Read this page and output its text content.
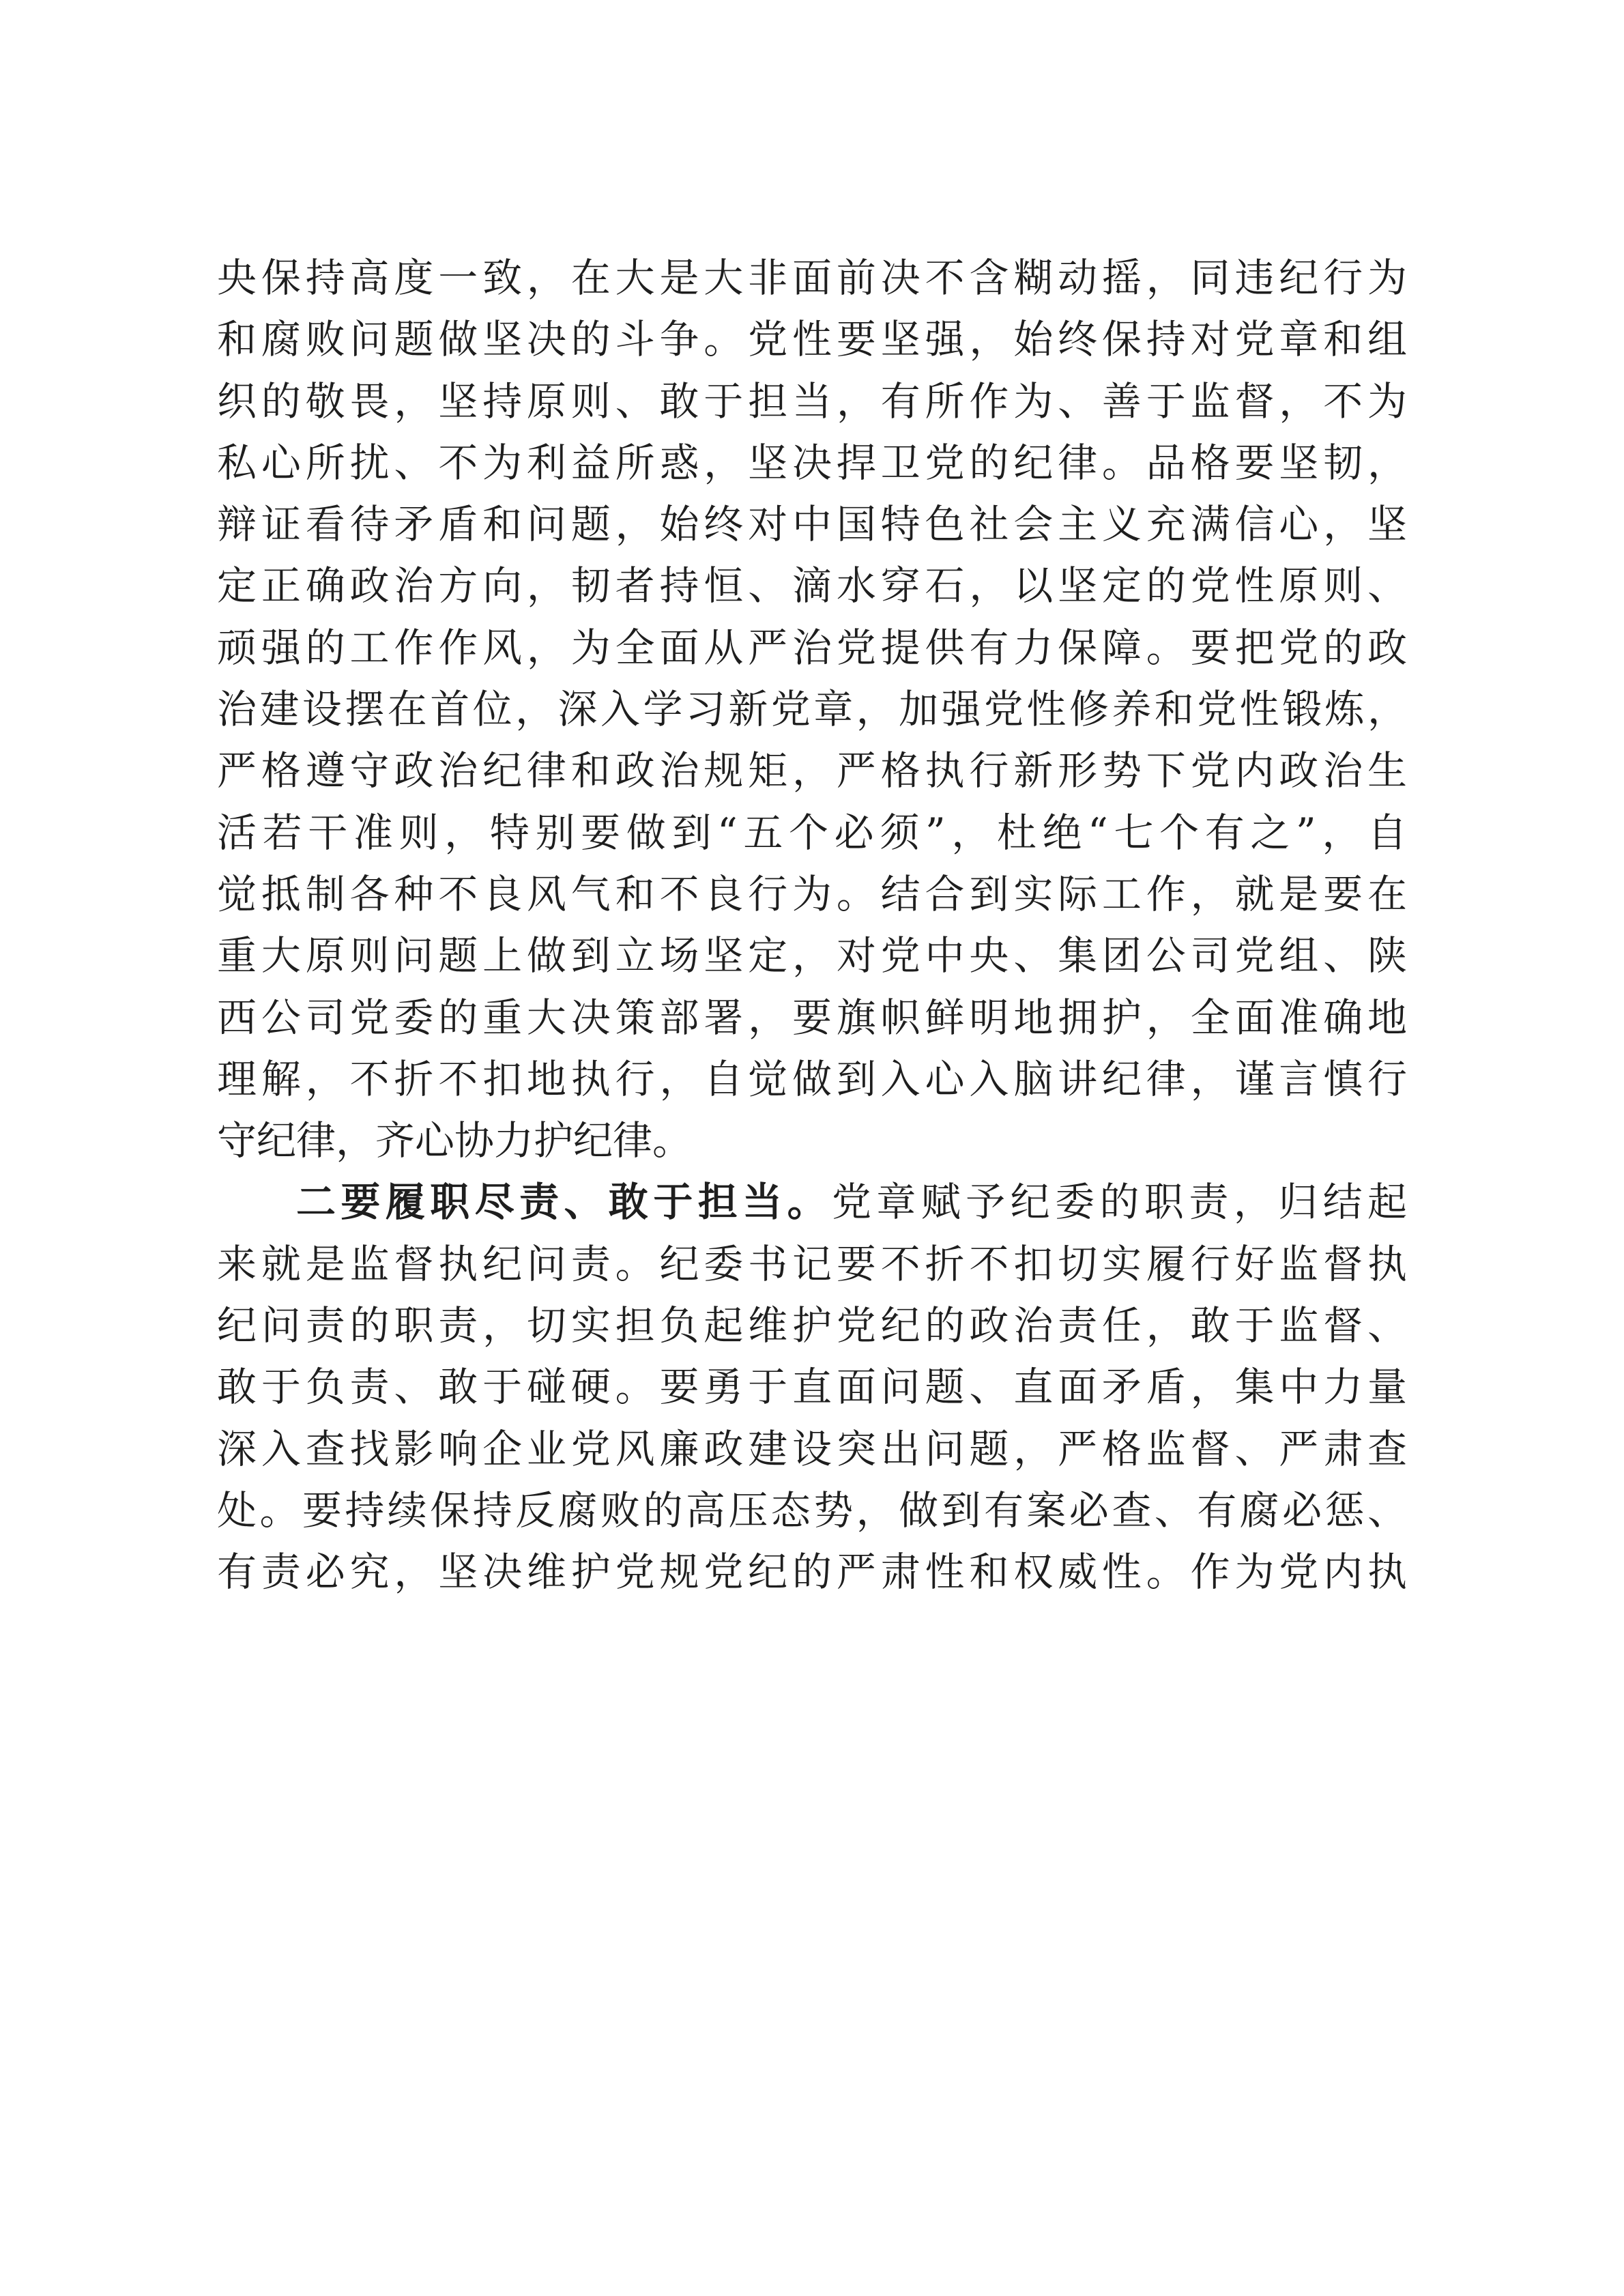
央保持高度一致，在大是大非面前决不含糊动摇，同违纪行为
和腐败问题做坚决的斗争。党性要坚强，始终保持对党章和组
织的敬畏，坚持原则、敢于担当，有所作为、善于监督，不为
私心所扰、不为利益所惑，坚决捍卫党的纪律。品格要坚韧，
辩证看待矛盾和问题，始终对中国特色社会主义充满信心，坚
定正确政治方向，韧者持恒、滴水穿石，以坚定的党性原则、
顽强的工作作风，为全面从严治党提供有力保障。要把党的政
治建设摆在首位，深入学习新党章，加强党性修养和党性锻炼，
严格遵守政治纪律和政治规矩，严格执行新形势下党内政治生
活若干准则，特别要做到“五个必须”，杜绝“七个有之”，自
觉抵制各种不良风气和不良行为。结合到实际工作，就是要在
重大原则问题上做到立场坚定，对党中央、集团公司党组、陕
西公司党委的重大决策部署，要旗帜鲜明地拥护，全面准确地
理解，不折不扣地执行，自觉做到入心入脑讲纪律，谨言慎行
守纪律，齐心协力护纪律。
二要履职尽责、敢于担当。党章赋予纪委的职责，归结起
来就是监督执纪问责。纪委书记要不折不扣切实履行好监督执
纪问责的职责，切实担负起维护党纪的政治责任，敢于监督、
敢于负责、敢于碰硬。要勇于直面问题、直面矛盾，集中力量
深入查找影响企业党风廉政建设突出问题，严格监督、严肃查
处。要持续保持反腐败的高压态势，做到有案必查、有腐必惩、
有责必究，坚决维护党规党纪的严肃性和权威性。作为党内执
